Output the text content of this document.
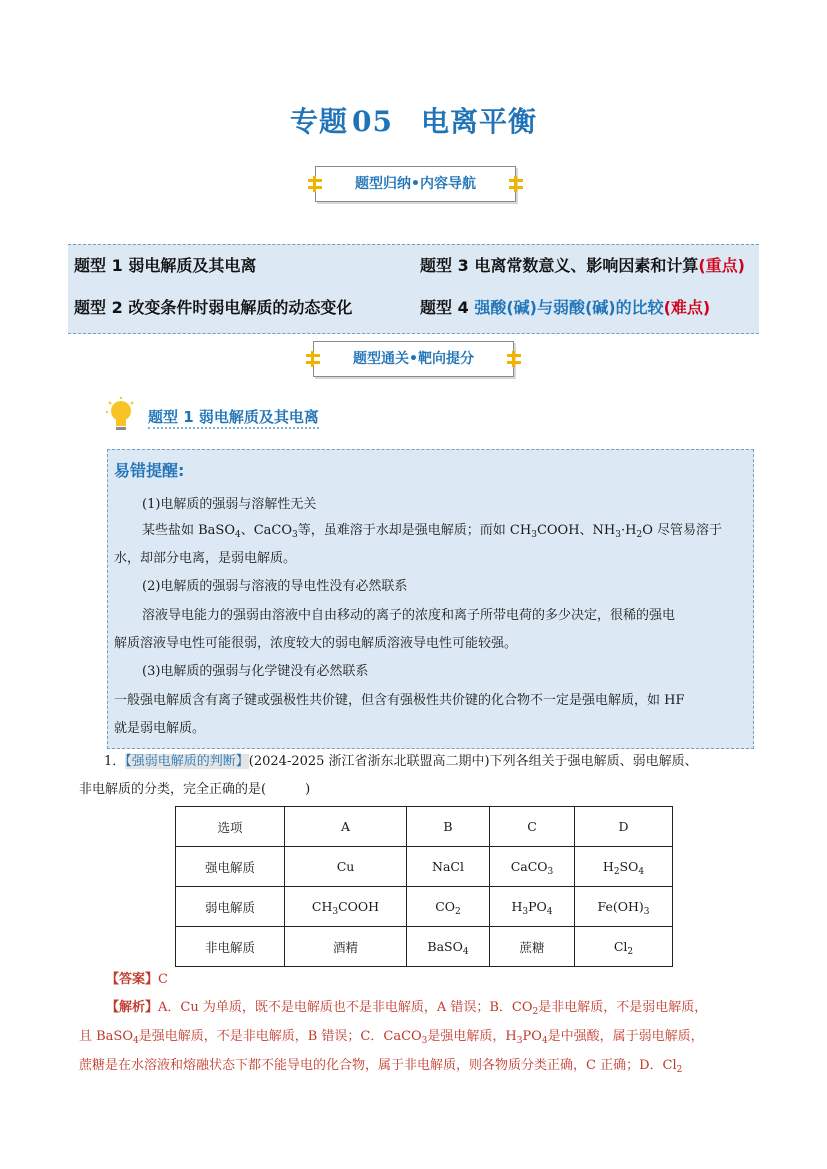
专题 05 电离平衡
题型归纳•内容导航
题型 1 弱电解质及其电离
题型 2 改变条件时弱电解质的动态变化
题型 3 电离常数意义、影响因素和计算(重点)
题型 4 强酸(碱)与弱酸(碱)的比较(难点)
题型通关•靶向提分
题型 1 弱电解质及其电离
易错提醒:
(1)电解质的强弱与溶解性无关
某些盐如 BaSO$_4$、CaCO$_3$等，虽难溶于水却是强电解质；而如 $CH_3COOH$、$NH_3\cdot H_2O$ 尽管易溶于
水，却部分电离，是弱电解质。
(2)电解质的强弱与溶液的导电性没有必然联系
溶液导电能力的强弱由溶液中自由移动的离子的浓度和离子所带电荷的多少决定，很稀的强电
解质溶液导电性可能很弱，浓度较大的弱电解质溶液导电性可能较强。
(3)电解质的强弱与化学键没有必然联系
一般强电解质含有离子键或强极性共价键，但含有强极性共价键的化合物不一定是强电解质，如 HF
就是弱电解质。
1．【强弱电解质的判断】(2024-2025 浙江省浙东北联盟高二期中)下列各组关于强电解质、弱电解质、
非电解质的分类，完全正确的是(　　　)
选项	A	B	C	D
强电解质	Cu	NaCl	CaCO$_3$	$H_2SO_4$
弱电解质	$CH_3COOH$	$CO_2$	$H_3PO_4$	$Fe(OH)_3$
非电解质	酒精	BaSO$_4$	蔗糖	$Cl_2$
【答案】C
【解析】A．Cu 为单质，既不是电解质也不是非电解质，A 错误；B．$CO_2$是非电解质，不是弱电解质，
且 BaSO$_4$是强电解质，不是非电解质，B 错误；C．CaCO$_3$是强电解质，$H_3PO_4$是中强酸，属于弱电解质，
蔗糖是在水溶液和熔融状态下都不能导电的化合物，属于非电解质，则各物质分类正确，C 正确；D．$Cl_2$
